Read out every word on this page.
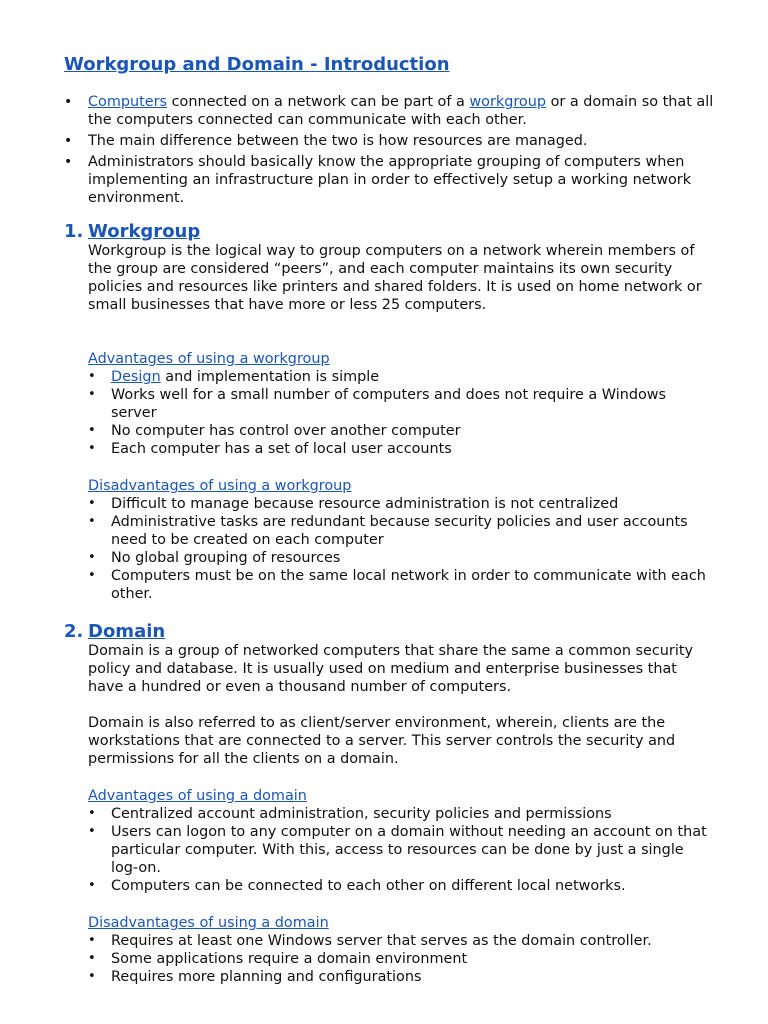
Workgroup and Domain - Introduction
• Computers connected on a network can be part of a workgroup or a domain so that all the computers connected can communicate with each other.
• The main difference between the two is how resources are managed.
• Administrators should basically know the appropriate grouping of computers when implementing an infrastructure plan in order to effectively setup a working network environment.
1. Workgroup

Workgroup is the logical way to group computers on a network wherein members of the group are considered “peers”, and each computer maintains its own security policies and resources like printers and shared folders. It is used on home network or small businesses that have more or less 25 computers.

Advantages of using a workgroup

• Design and implementation is simple
• Works well for a small number of computers and does not require a Windows server
• No computer has control over another computer
• Each computer has a set of local user accounts

Disadvantages of using a workgroup

• Difficult to manage because resource administration is not centralized
• Administrative tasks are redundant because security policies and user accounts need to be created on each computer
• No global grouping of resources
• Computers must be on the same local network in order to communicate with each other.
2. Domain

Domain is a group of networked computers that share the same a common security policy and database. It is usually used on medium and enterprise businesses that have a hundred or even a thousand number of computers.

Domain is also referred to as client/server environment, wherein, clients are the workstations that are connected to a server. This server controls the security and permissions for all the clients on a domain.

Advantages of using a domain

• Centralized account administration, security policies and permissions
• Users can logon to any computer on a domain without needing an account on that particular computer. With this, access to resources can be done by just a single log-on.
• Computers can be connected to each other on different local networks.

Disadvantages of using a domain

• Requires at least one Windows server that serves as the domain controller.
• Some applications require a domain environment
• Requires more planning and configurations
